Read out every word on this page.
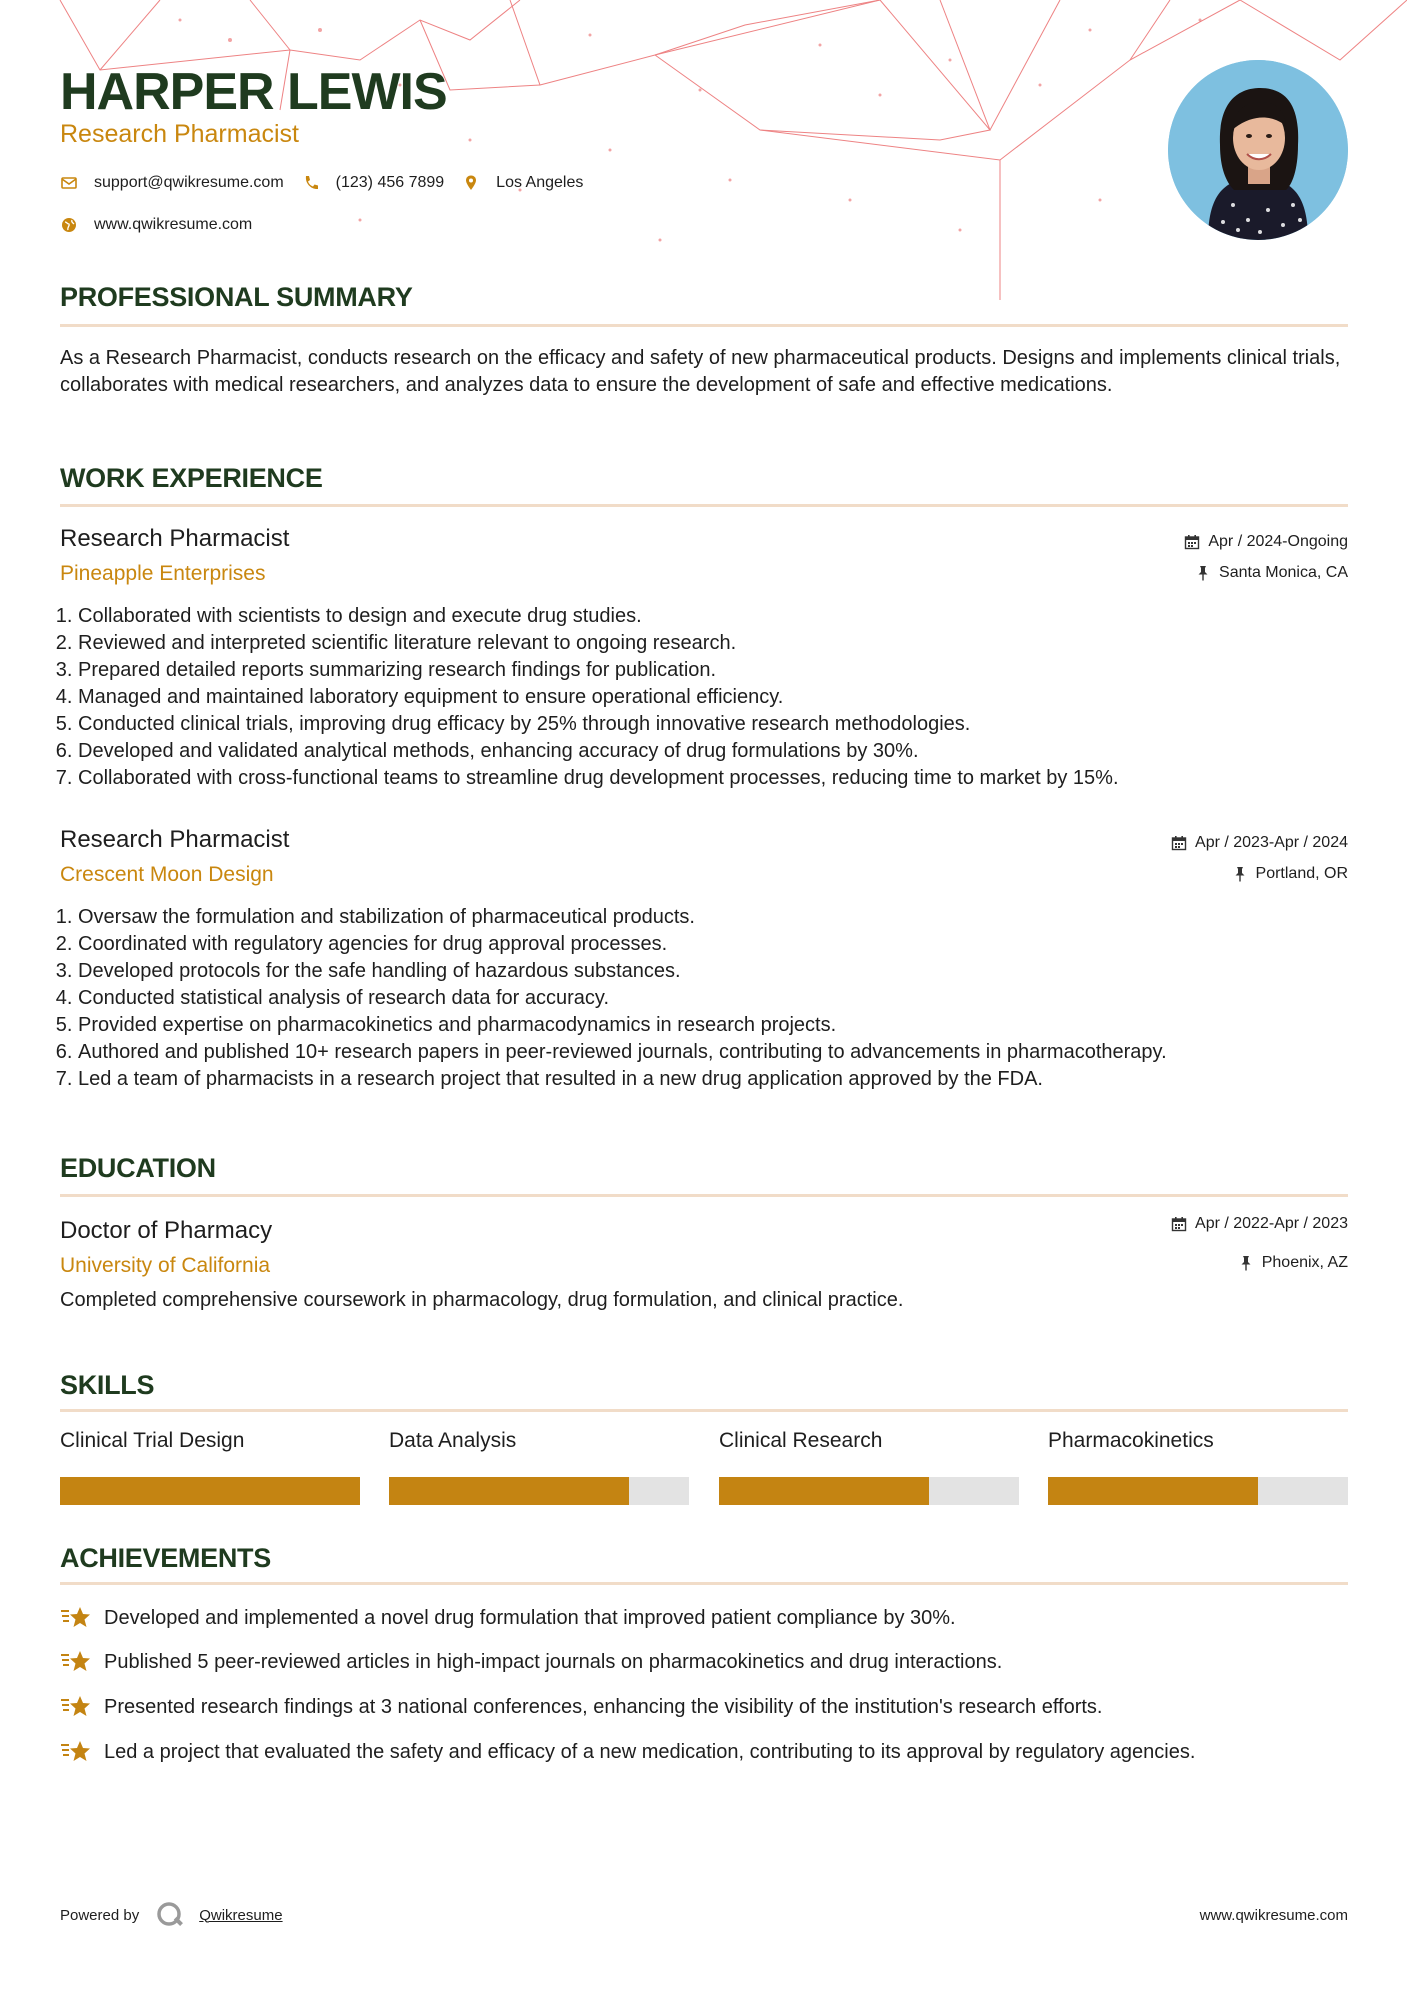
HARPER LEWIS
Research Pharmacist
support@qwikresume.com	(123) 456 7899	Los Angeles
www.qwikresume.com
PROFESSIONAL SUMMARY

As a Research Pharmacist, conducts research on the efficacy and safety of new pharmaceutical products. Designs and implements clinical trials, collaborates with medical researchers, and analyzes data to ensure the development of safe and effective medications.

WORK EXPERIENCE
Research Pharmacist
Pineapple Enterprises
Apr / 2024-Ongoing
Santa Monica, CA
1. Collaborated with scientists to design and execute drug studies.
2. Reviewed and interpreted scientific literature relevant to ongoing research.
3. Prepared detailed reports summarizing research findings for publication.
4. Managed and maintained laboratory equipment to ensure operational efficiency.
5. Conducted clinical trials, improving drug efficacy by 25% through innovative research methodologies.
6. Developed and validated analytical methods, enhancing accuracy of drug formulations by 30%.
7. Collaborated with cross-functional teams to streamline drug development processes, reducing time to market by 15%.
Research Pharmacist
Crescent Moon Design
Apr / 2023-Apr / 2024
Portland, OR
1. Oversaw the formulation and stabilization of pharmaceutical products.
2. Coordinated with regulatory agencies for drug approval processes.
3. Developed protocols for the safe handling of hazardous substances.
4. Conducted statistical analysis of research data for accuracy.
5. Provided expertise on pharmacokinetics and pharmacodynamics in research projects.
6. Authored and published 10+ research papers in peer-reviewed journals, contributing to advancements in pharmacotherapy.
7. Led a team of pharmacists in a research project that resulted in a new drug application approved by the FDA.
EDUCATION
Doctor of Pharmacy
University of California
Apr / 2022-Apr / 2023
Phoenix, AZ
Completed comprehensive coursework in pharmacology, drug formulation, and clinical practice.
SKILLS
Clinical Trial Design	Data Analysis	Clinical Research	Pharmacokinetics
ACHIEVEMENTS
Developed and implemented a novel drug formulation that improved patient compliance by 30%.
Published 5 peer-reviewed articles in high-impact journals on pharmacokinetics and drug interactions.
Presented research findings at 3 national conferences, enhancing the visibility of the institution's research efforts.
Led a project that evaluated the safety and efficacy of a new medication, contributing to its approval by regulatory agencies.
Powered by	Qwikresume	www.qwikresume.com
